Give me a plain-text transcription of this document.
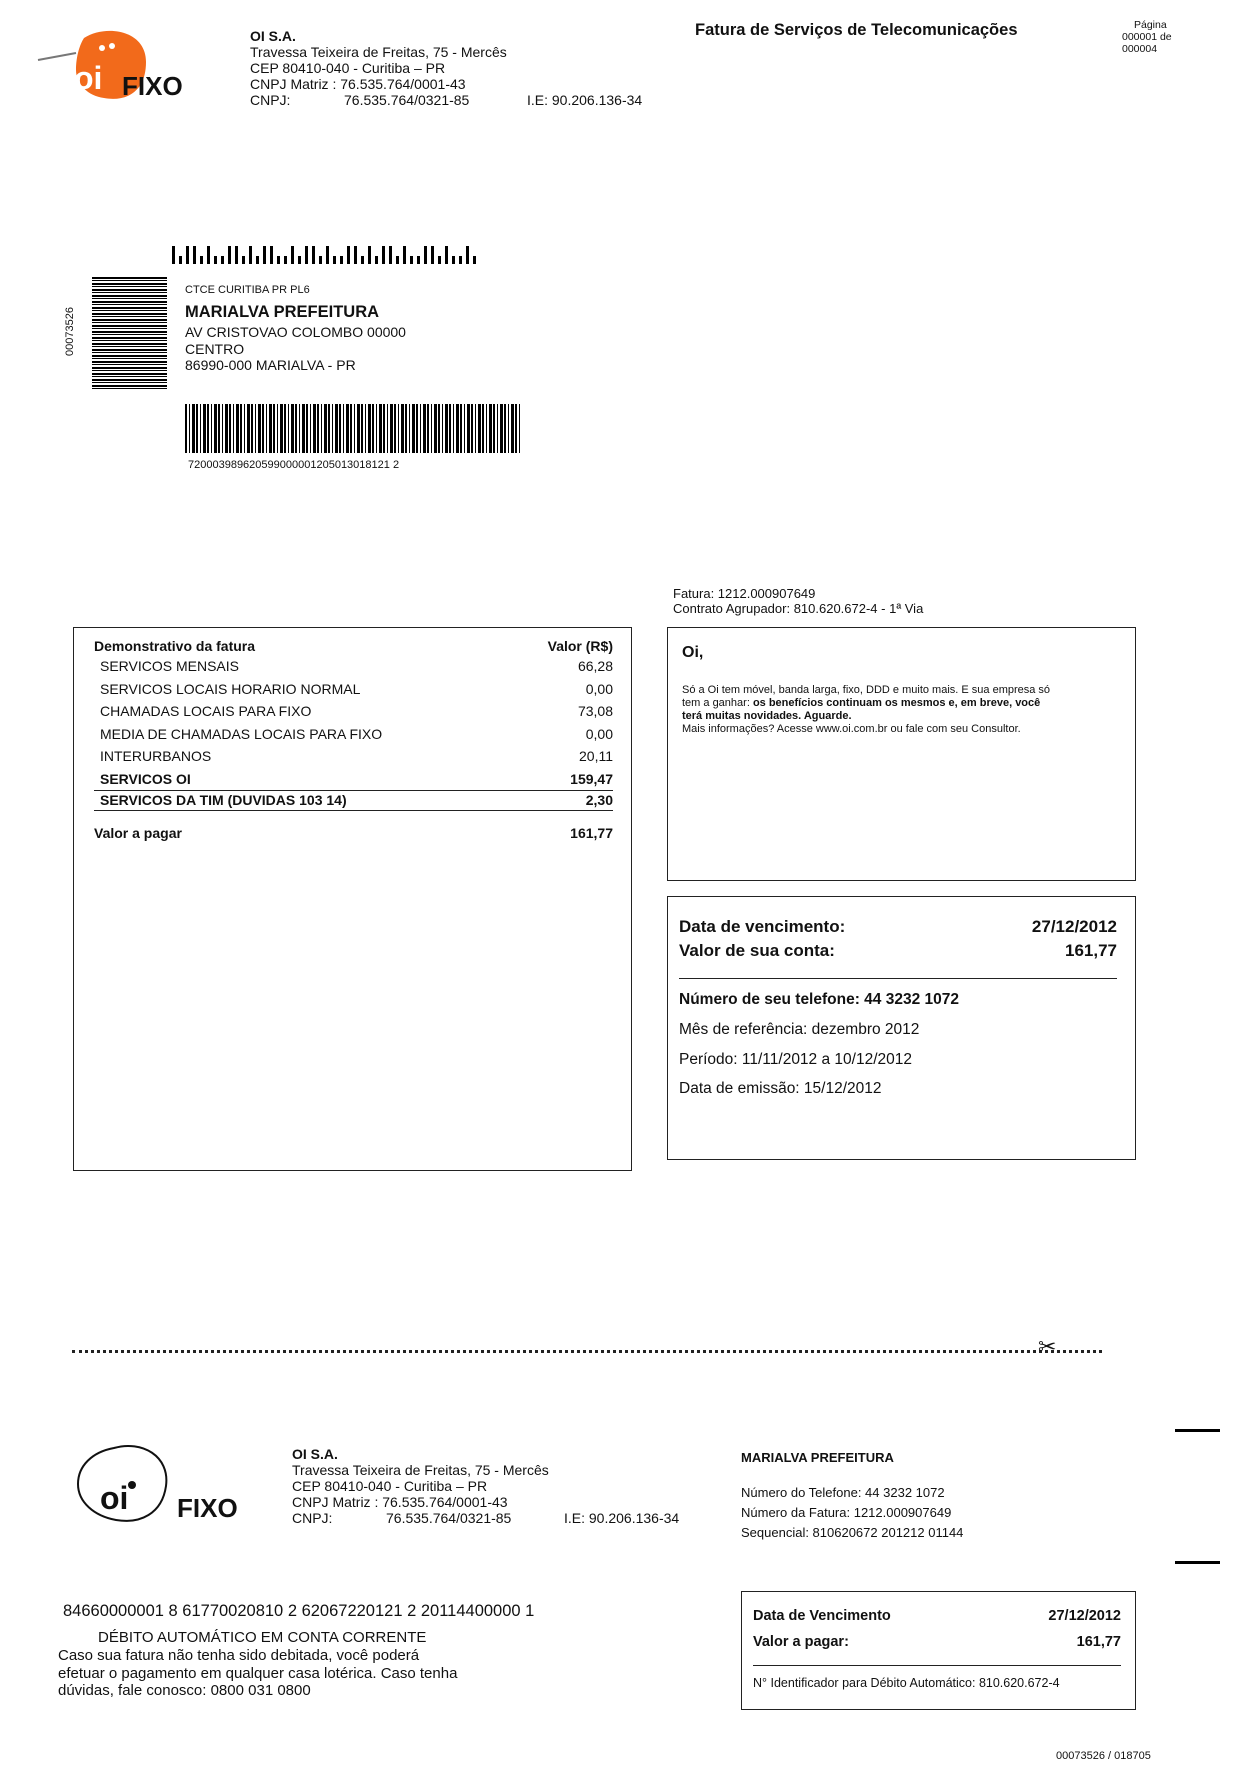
oi FIXO
OI S.A.
Travessa Teixeira de Freitas, 75 - Mercês
CEP 80410-040 - Curitiba – PR
CNPJ Matriz : 76.535.764/0001-43
CNPJ:	76.535.764/0321-85	I.E: 90.206.136-34
Fatura de Serviços de Telecomunicações	Página
000001 de
000004
00073526
CTCE CURITIBA PR PL6
MARIALVA PREFEITURA
AV CRISTOVAO COLOMBO 00000
CENTRO
86990-000 MARIALVA - PR
720003989620599000001205013018121 2
Fatura: 1212.000907649
Contrato Agrupador: 810.620.672-4 - 1ª Via
Demonstrativo da fatura	Valor (R$)
SERVICOS MENSAIS	66,28
SERVICOS LOCAIS HORARIO NORMAL	0,00
CHAMADAS LOCAIS PARA FIXO	73,08
MEDIA DE CHAMADAS LOCAIS PARA FIXO	0,00
INTERURBANOS	20,11
SERVICOS OI	159,47
SERVICOS DA TIM (DUVIDAS 103 14)	2,30
Valor a pagar	161,77
Oi,
Só a Oi tem móvel, banda larga, fixo, DDD e muito mais. E sua empresa só
tem a ganhar: os benefícios continuam os mesmos e, em breve, você
terá muitas novidades. Aguarde.
Mais informações? Acesse www.oi.com.br ou fale com seu Consultor.
Data de vencimento:	27/12/2012
Valor de sua conta:	161,77
Número de seu telefone: 44 3232 1072
Mês de referência: dezembro 2012
Período: 11/11/2012 a 10/12/2012
Data de emissão: 15/12/2012
✂
oi FIXO
OI S.A.
Travessa Teixeira de Freitas, 75 - Mercês
CEP 80410-040 - Curitiba – PR
CNPJ Matriz : 76.535.764/0001-43
CNPJ:	76.535.764/0321-85	I.E: 90.206.136-34
MARIALVA PREFEITURA
Número do Telefone: 44 3232 1072
Número da Fatura: 1212.000907649
Sequencial: 810620672 201212 01144
84660000001 8 61770020810 2 62067220121 2 20114400000 1
DÉBITO AUTOMÁTICO EM CONTA CORRENTE
Caso sua fatura não tenha sido debitada, você poderá
efetuar o pagamento em qualquer casa lotérica. Caso tenha
dúvidas, fale conosco: 0800 031 0800
Data de Vencimento	27/12/2012
Valor a pagar:	161,77
N° Identificador para Débito Automático: 810.620.672-4
00073526 / 018705
